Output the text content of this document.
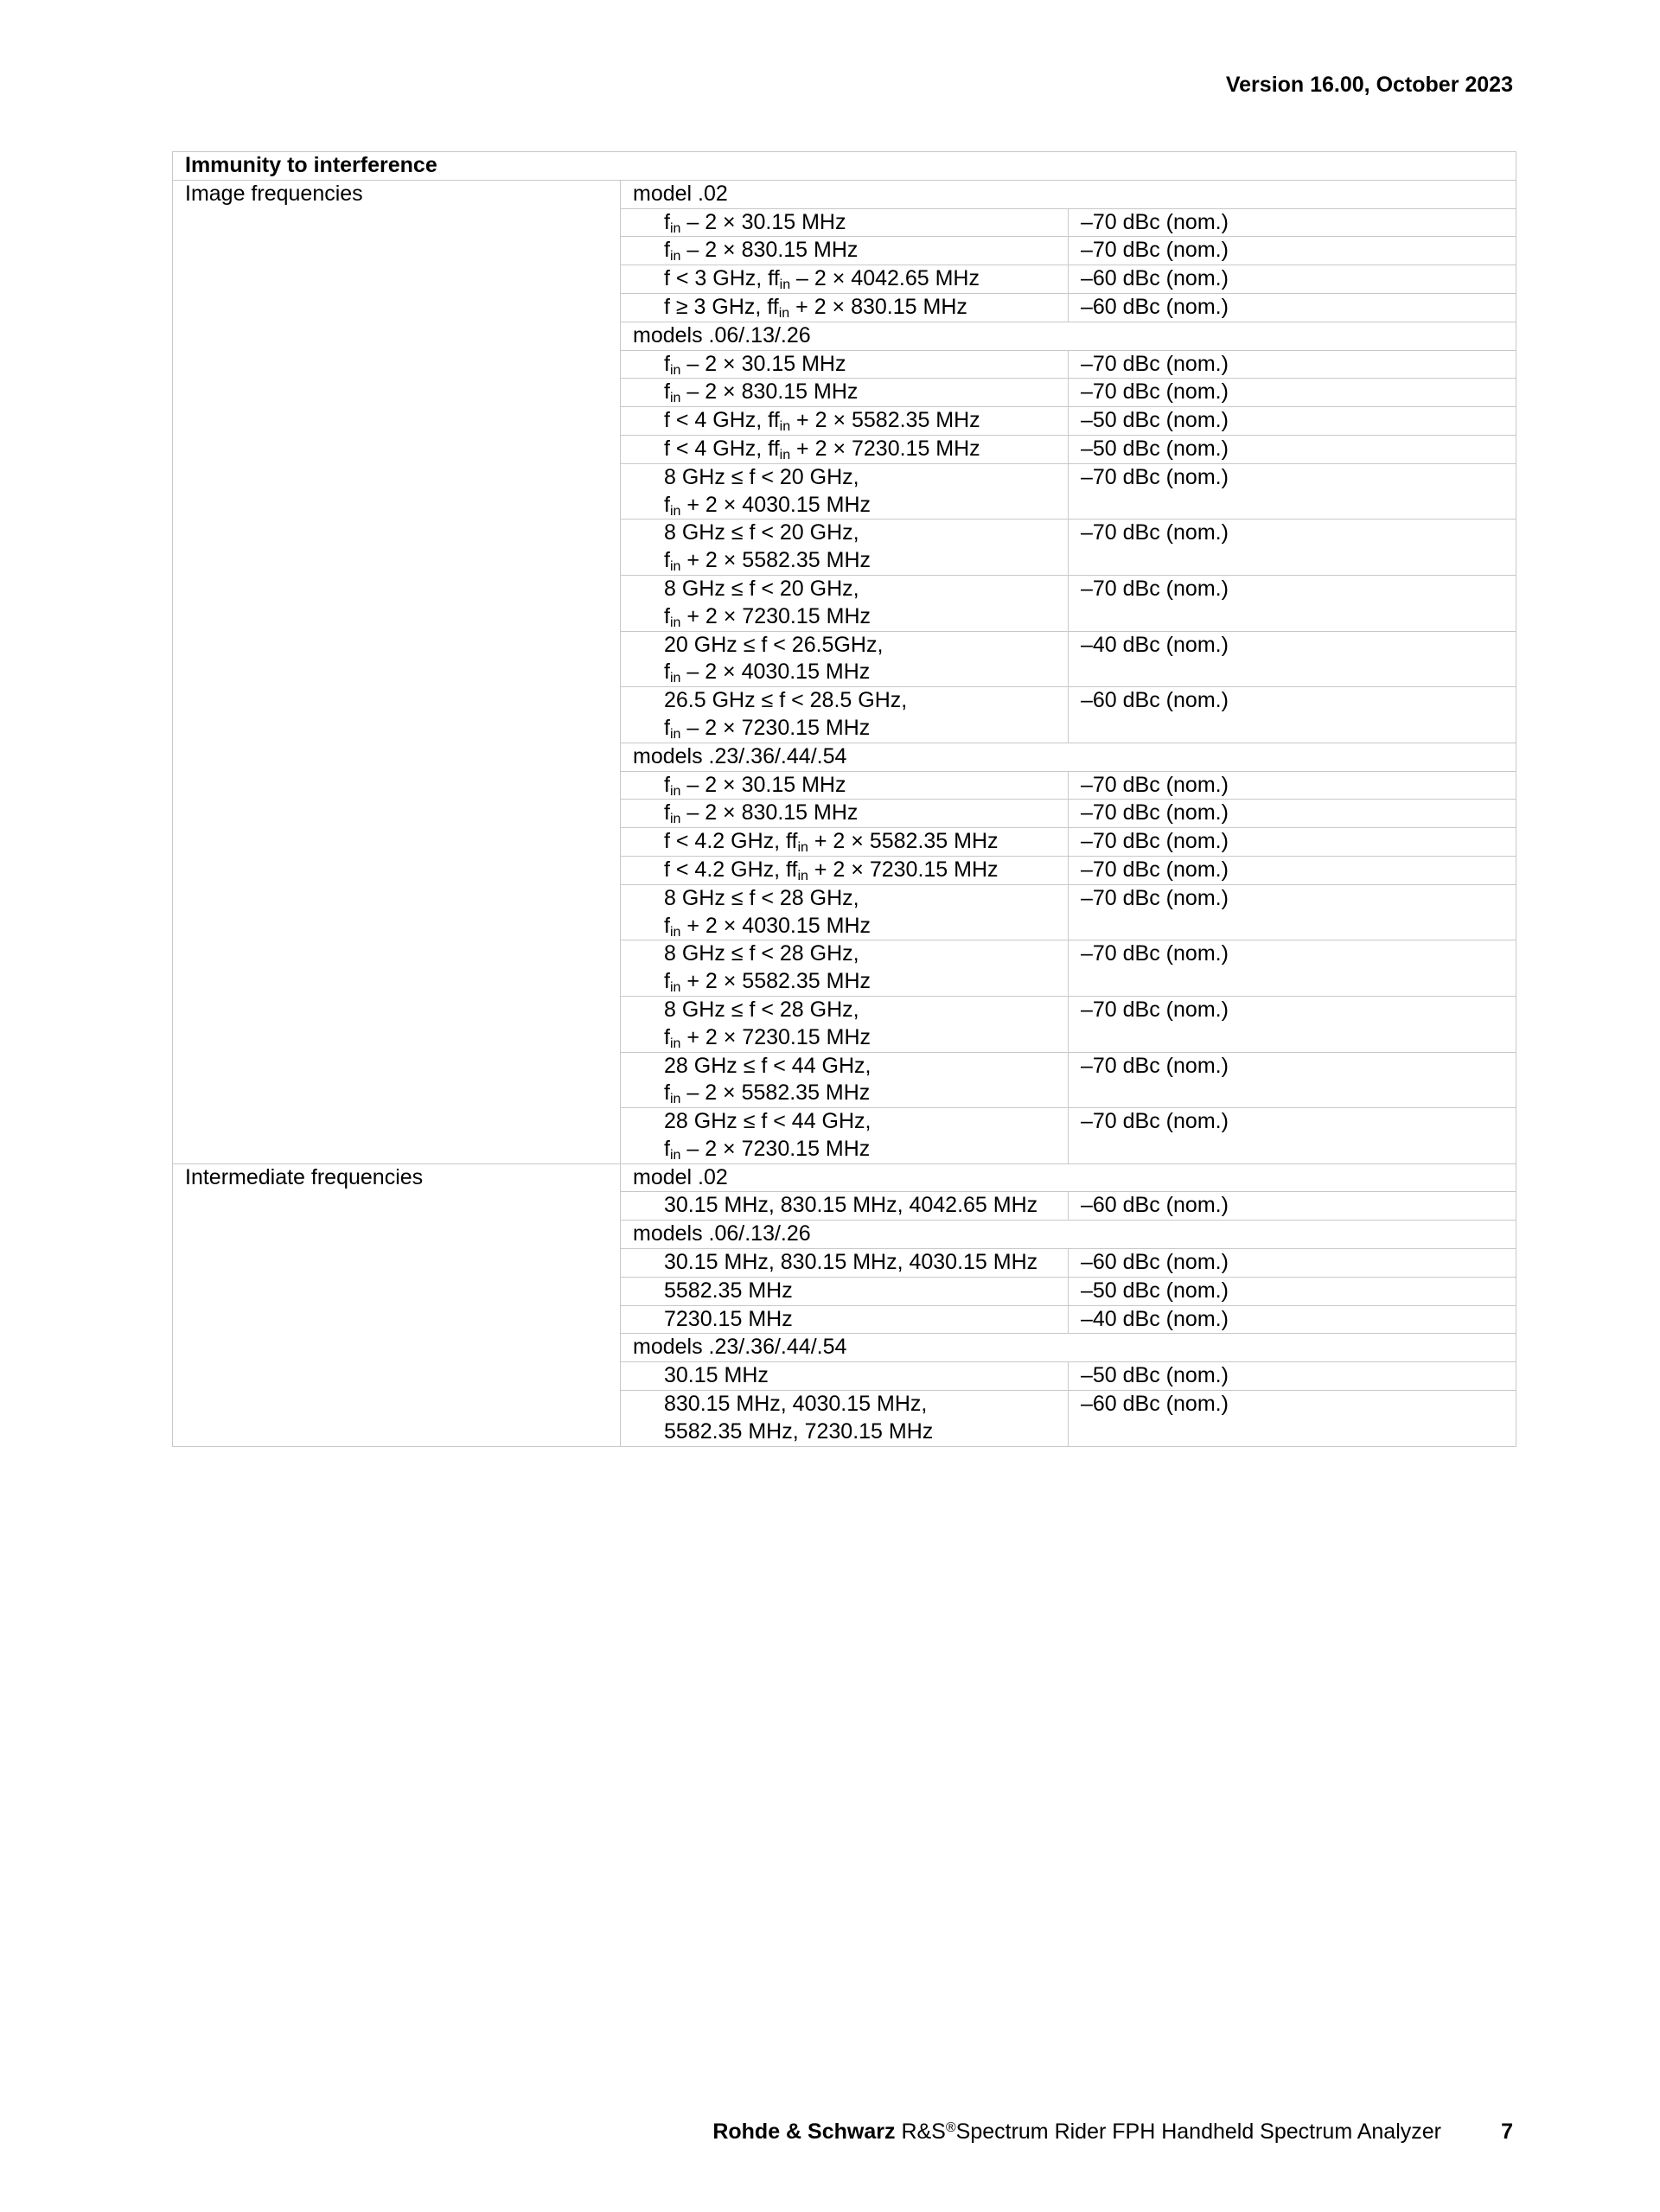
Version 16.00, October 2023
Immunity to interference		
Image frequencies	model .02	
	$f_{in} - 2 \times 30.15$ MHz	–70 dBc (nom.)
	$f_{in} - 2 \times 830.15$ MHz	–70 dBc (nom.)
	f < 3 GHz, $ff_{in} - 2 \times 4042.65$ MHz	–60 dBc (nom.)
	f ≥ 3 GHz, $ff_{in} + 2 \times 830.15$ MHz	–60 dBc (nom.)
	models .06/.13/.26	
	$f_{in} - 2 \times 30.15$ MHz	–70 dBc (nom.)
	$f_{in} - 2 \times 830.15$ MHz	–70 dBc (nom.)
	f < 4 GHz, $ff_{in} + 2 \times 5582.35$ MHz	–50 dBc (nom.)
	f < 4 GHz, $ff_{in} + 2 \times 7230.15$ MHz	–50 dBc (nom.)

	8 GHz ≤ f < 20 GHz,
$f_{in} + 2 \times 4030.15$ MHz	–70 dBc (nom.)

	8 GHz ≤ f < 20 GHz,
$f_{in} + 2 \times 5582.35$ MHz	–70 dBc (nom.)

	8 GHz ≤ f < 20 GHz,
$f_{in} + 2 \times 7230.15$ MHz	–70 dBc (nom.)

	20 GHz ≤ f < 26.5GHz,
$f_{in} - 2 \times 4030.15$ MHz	–40 dBc (nom.)

	26.5 GHz ≤ f < 28.5 GHz,
$f_{in} - 2 \times 7230.15$ MHz	–60 dBc (nom.)
	models .23/.36/.44/.54	
	$f_{in} - 2 \times 30.15$ MHz	–70 dBc (nom.)
	$f_{in} - 2 \times 830.15$ MHz	–70 dBc (nom.)
	f < 4.2 GHz, $ff_{in} + 2 \times 5582.35$ MHz	–70 dBc (nom.)
	f < 4.2 GHz, $ff_{in} + 2 \times 7230.15$ MHz	–70 dBc (nom.)

	8 GHz ≤ f < 28 GHz,
$f_{in} + 2 \times 4030.15$ MHz	–70 dBc (nom.)

	8 GHz ≤ f < 28 GHz,
$f_{in} + 2 \times 5582.35$ MHz	–70 dBc (nom.)

	8 GHz ≤ f < 28 GHz,
$f_{in} + 2 \times 7230.15$ MHz	–70 dBc (nom.)

	28 GHz ≤ f < 44 GHz,
$f_{in} - 2 \times 5582.35$ MHz	–70 dBc (nom.)

	28 GHz ≤ f < 44 GHz,
$f_{in} - 2 \times 7230.15$ MHz	–70 dBc (nom.)
Intermediate frequencies	model .02	
	30.15 MHz, 830.15 MHz, 4042.65 MHz	–60 dBc (nom.)
	models .06/.13/.26	
	30.15 MHz, 830.15 MHz, 4030.15 MHz	–60 dBc (nom.)
	5582.35 MHz	–50 dBc (nom.)
	7230.15 MHz	–40 dBc (nom.)
	models .23/.36/.44/.54	
	30.15 MHz	–50 dBc (nom.)

	830.15 MHz, 4030.15 MHz,
5582.35 MHz, 7230.15 MHz	–60 dBc (nom.)
Rohde & Schwarz R&S®Spectrum Rider FPH Handheld Spectrum Analyzer	7
